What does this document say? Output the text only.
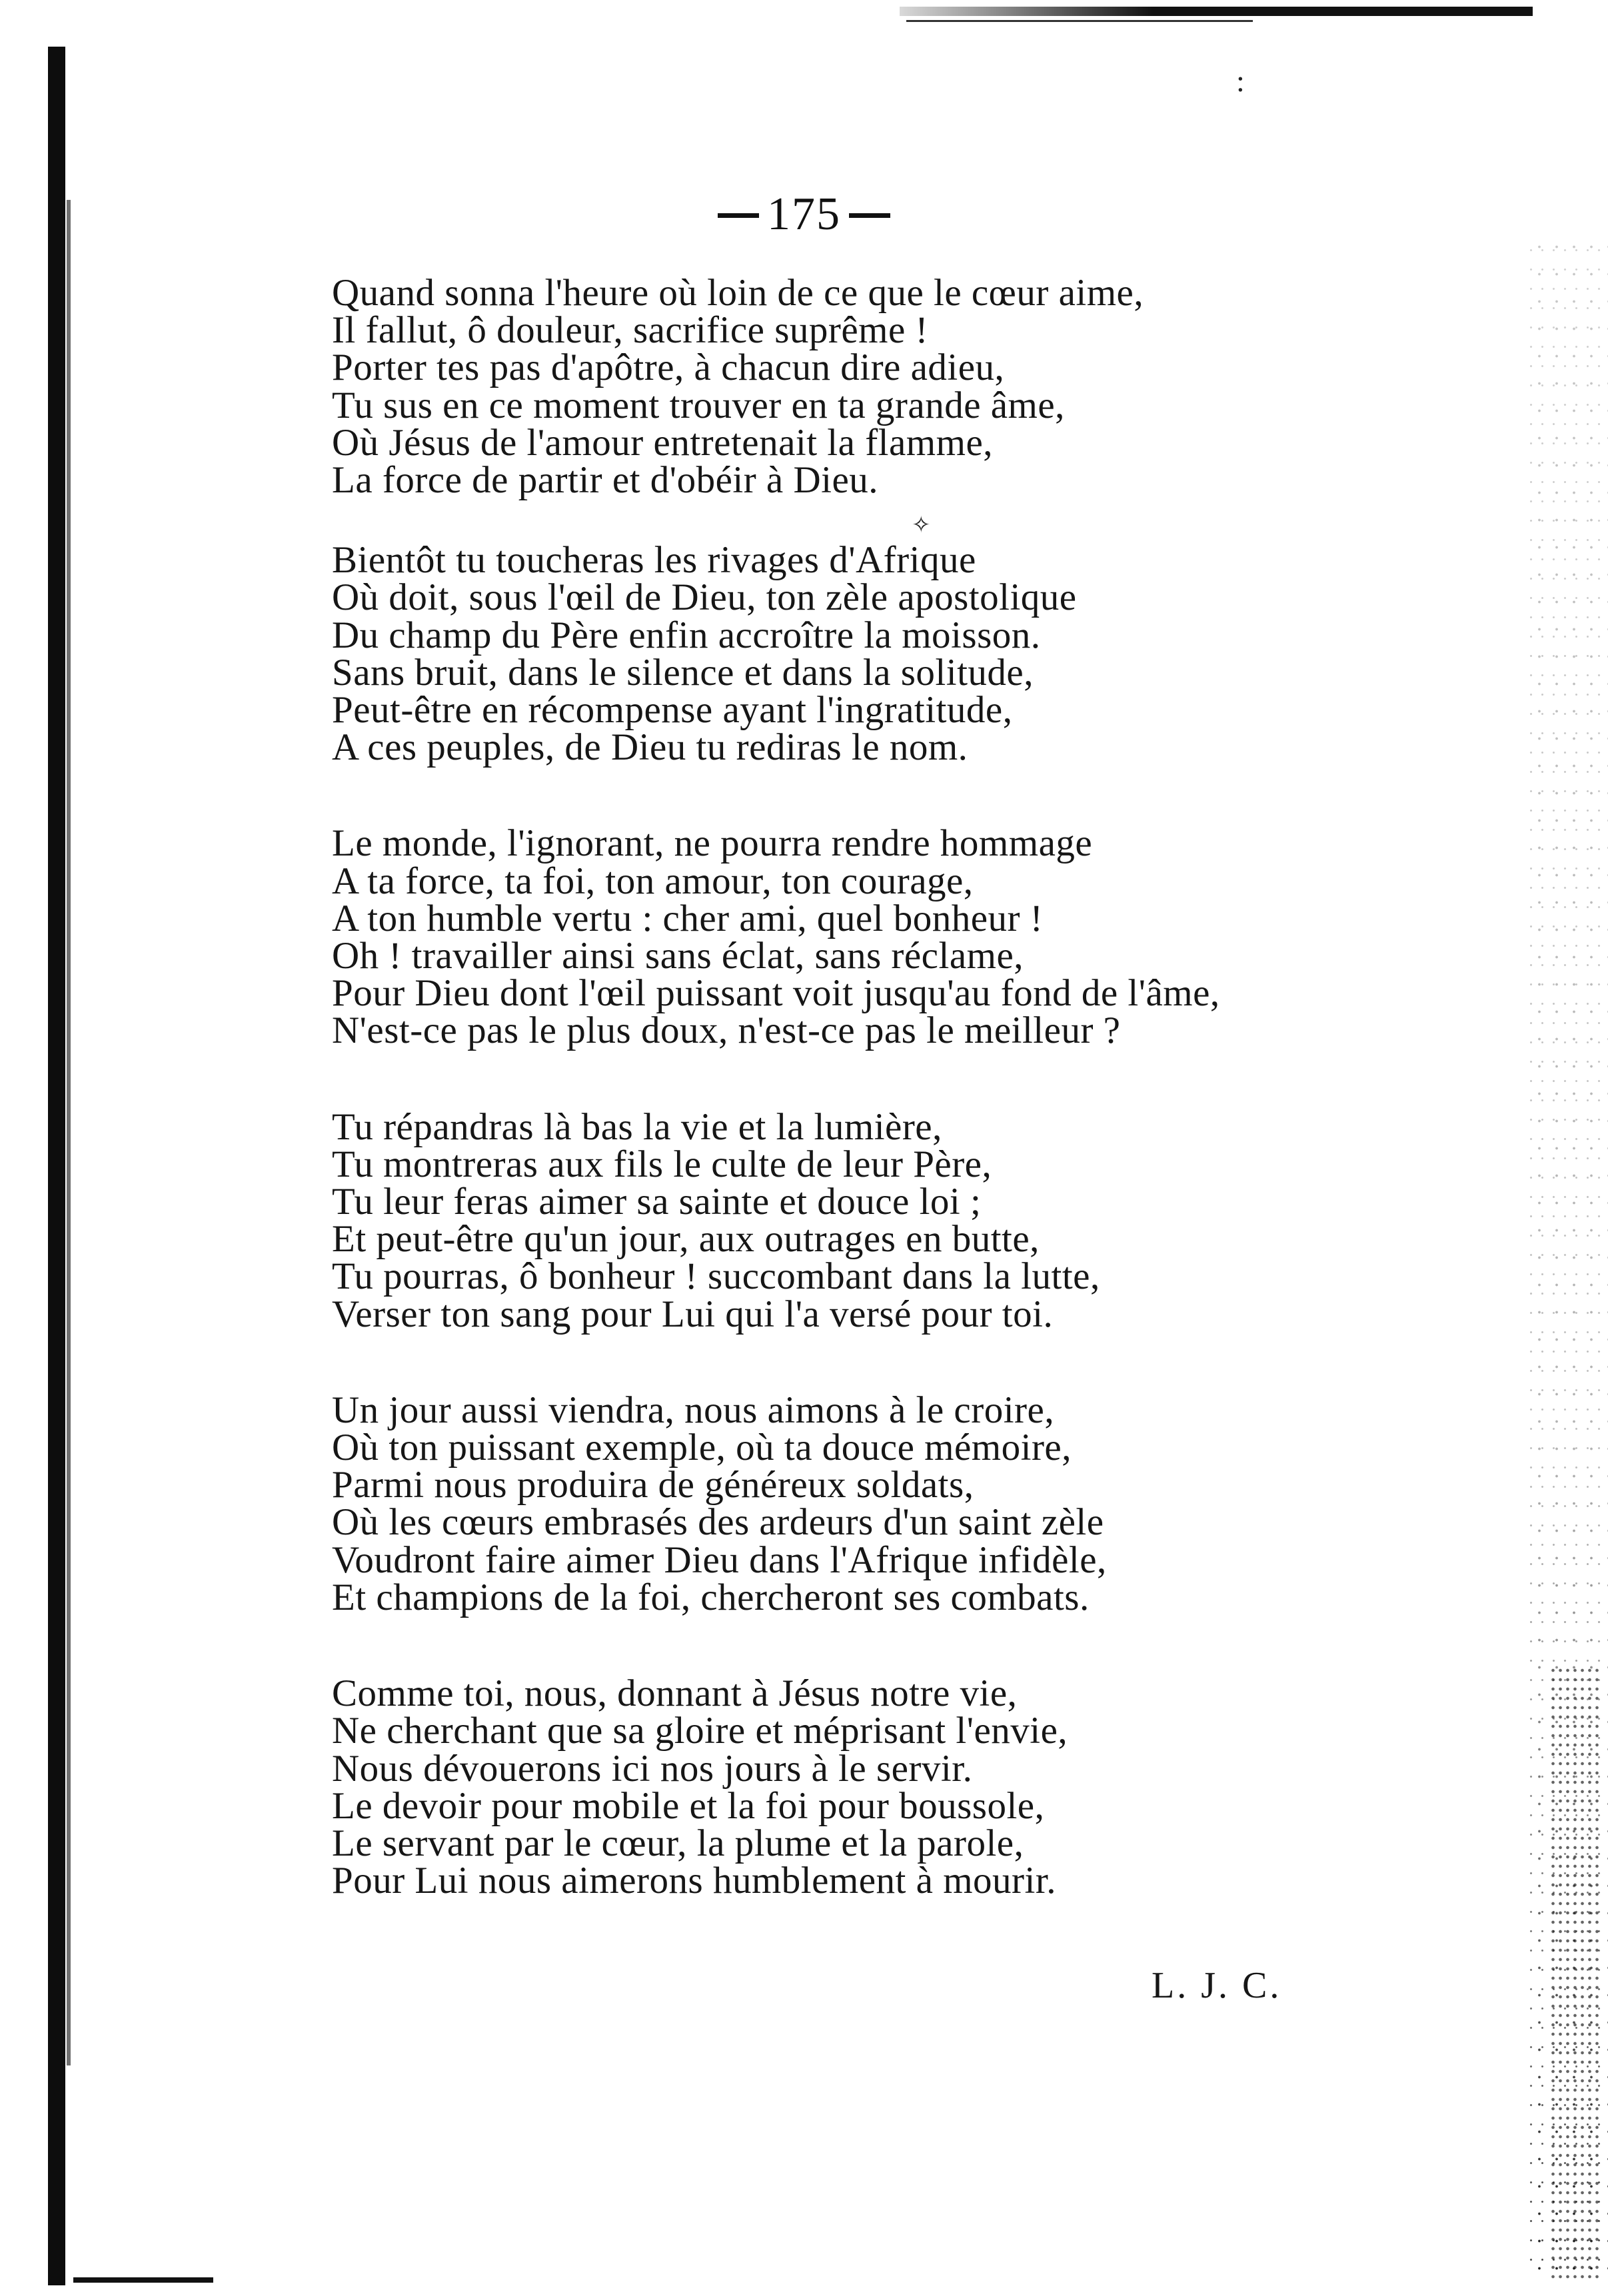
:
175
Quand sonna l'heure où loin de ce que le cœur aime,
Il fallut, ô douleur, sacrifice suprême !
Porter tes pas d'apôtre, à chacun dire adieu,
Tu sus en ce moment trouver en ta grande âme,
Où Jésus de l'amour entretenait la flamme,
La force de partir et d'obéir à Dieu.
✧
Bientôt tu toucheras les rivages d'Afrique
Où doit, sous l'œil de Dieu, ton zèle apostolique
Du champ du Père enfin accroître la moisson.
Sans bruit, dans le silence et dans la solitude,
Peut-être en récompense ayant l'ingratitude,
A ces peuples, de Dieu tu rediras le nom.
Le monde, l'ignorant, ne pourra rendre hommage
A ta force, ta foi, ton amour, ton courage,
A ton humble vertu : cher ami, quel bonheur !
Oh ! travailler ainsi sans éclat, sans réclame,
Pour Dieu dont l'œil puissant voit jusqu'au fond de l'âme,
N'est-ce pas le plus doux, n'est-ce pas le meilleur ?
Tu répandras là bas la vie et la lumière,
Tu montreras aux fils le culte de leur Père,
Tu leur feras aimer sa sainte et douce loi ;
Et peut-être qu'un jour, aux outrages en butte,
Tu pourras, ô bonheur ! succombant dans la lutte,
Verser ton sang pour Lui qui l'a versé pour toi.
Un jour aussi viendra, nous aimons à le croire,
Où ton puissant exemple, où ta douce mémoire,
Parmi nous produira de généreux soldats,
Où les cœurs embrasés des ardeurs d'un saint zèle
Voudront faire aimer Dieu dans l'Afrique infidèle,
Et champions de la foi, chercheront ses combats.
Comme toi, nous, donnant à Jésus notre vie,
Ne cherchant que sa gloire et méprisant l'envie,
Nous dévouerons ici nos jours à le servir.
Le devoir pour mobile et la foi pour boussole,
Le servant par le cœur, la plume et la parole,
Pour Lui nous aimerons humblement à mourir.
L. J. C.
